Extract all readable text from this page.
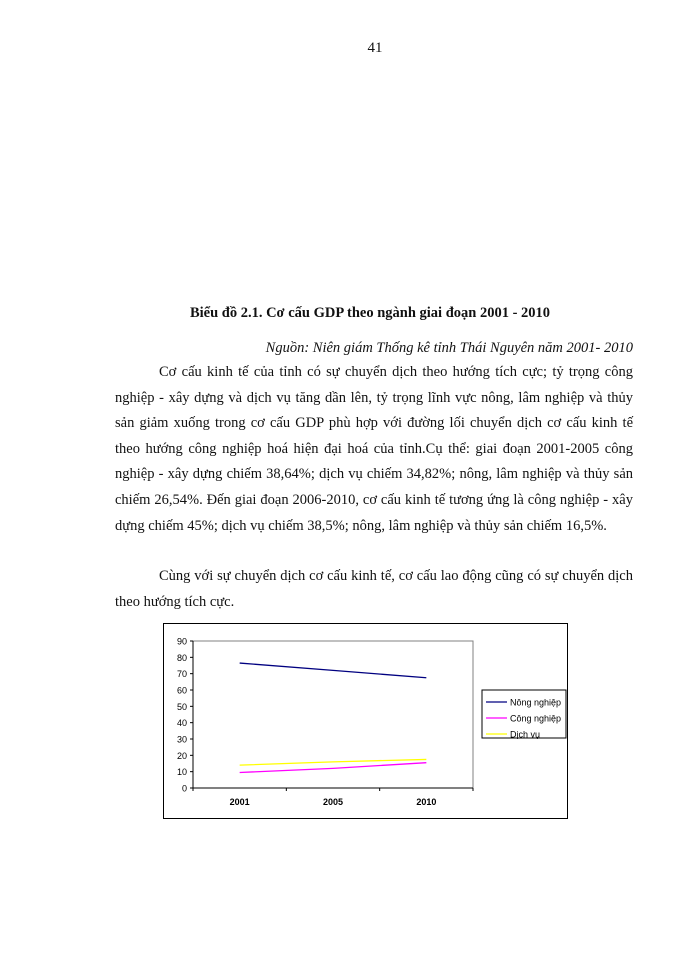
41
Biểu đồ 2.1. Cơ cấu GDP theo ngành giai đoạn 2001 - 2010
Nguồn: Niên giám Thống kê tỉnh Thái Nguyên năm 2001- 2010

Cơ cấu kinh tế của tỉnh có sự chuyển dịch theo hướng tích cực; tỷ trọng công nghiệp - xây dựng và dịch vụ tăng dần lên, tỷ trọng lĩnh vực nông, lâm nghiệp và thủy sản giảm xuống trong cơ cấu GDP phù hợp với đường lối chuyển dịch cơ cấu kinh tế theo hướng công nghiệp hoá hiện đại hoá của tỉnh.Cụ thể: giai đoạn 2001-2005 công nghiệp - xây dựng chiếm 38,64%; dịch vụ chiếm 34,82%; nông, lâm nghiệp và thủy sản chiếm 26,54%. Đến giai đoạn 2006-2010, cơ cấu kinh tế tương ứng là công nghiệp - xây dựng chiếm 45%; dịch vụ chiếm 38,5%; nông, lâm nghiệp và thủy sản chiếm 16,5%.

Cùng với sự chuyển dịch cơ cấu kinh tế, cơ cấu lao động cũng có sự chuyển dịch theo hướng tích cực.

0
10
20
30
40
50
60
70
80
90
2001	2005	2010
Nông nghiệp
Công nghiệp
Dịch vụ
